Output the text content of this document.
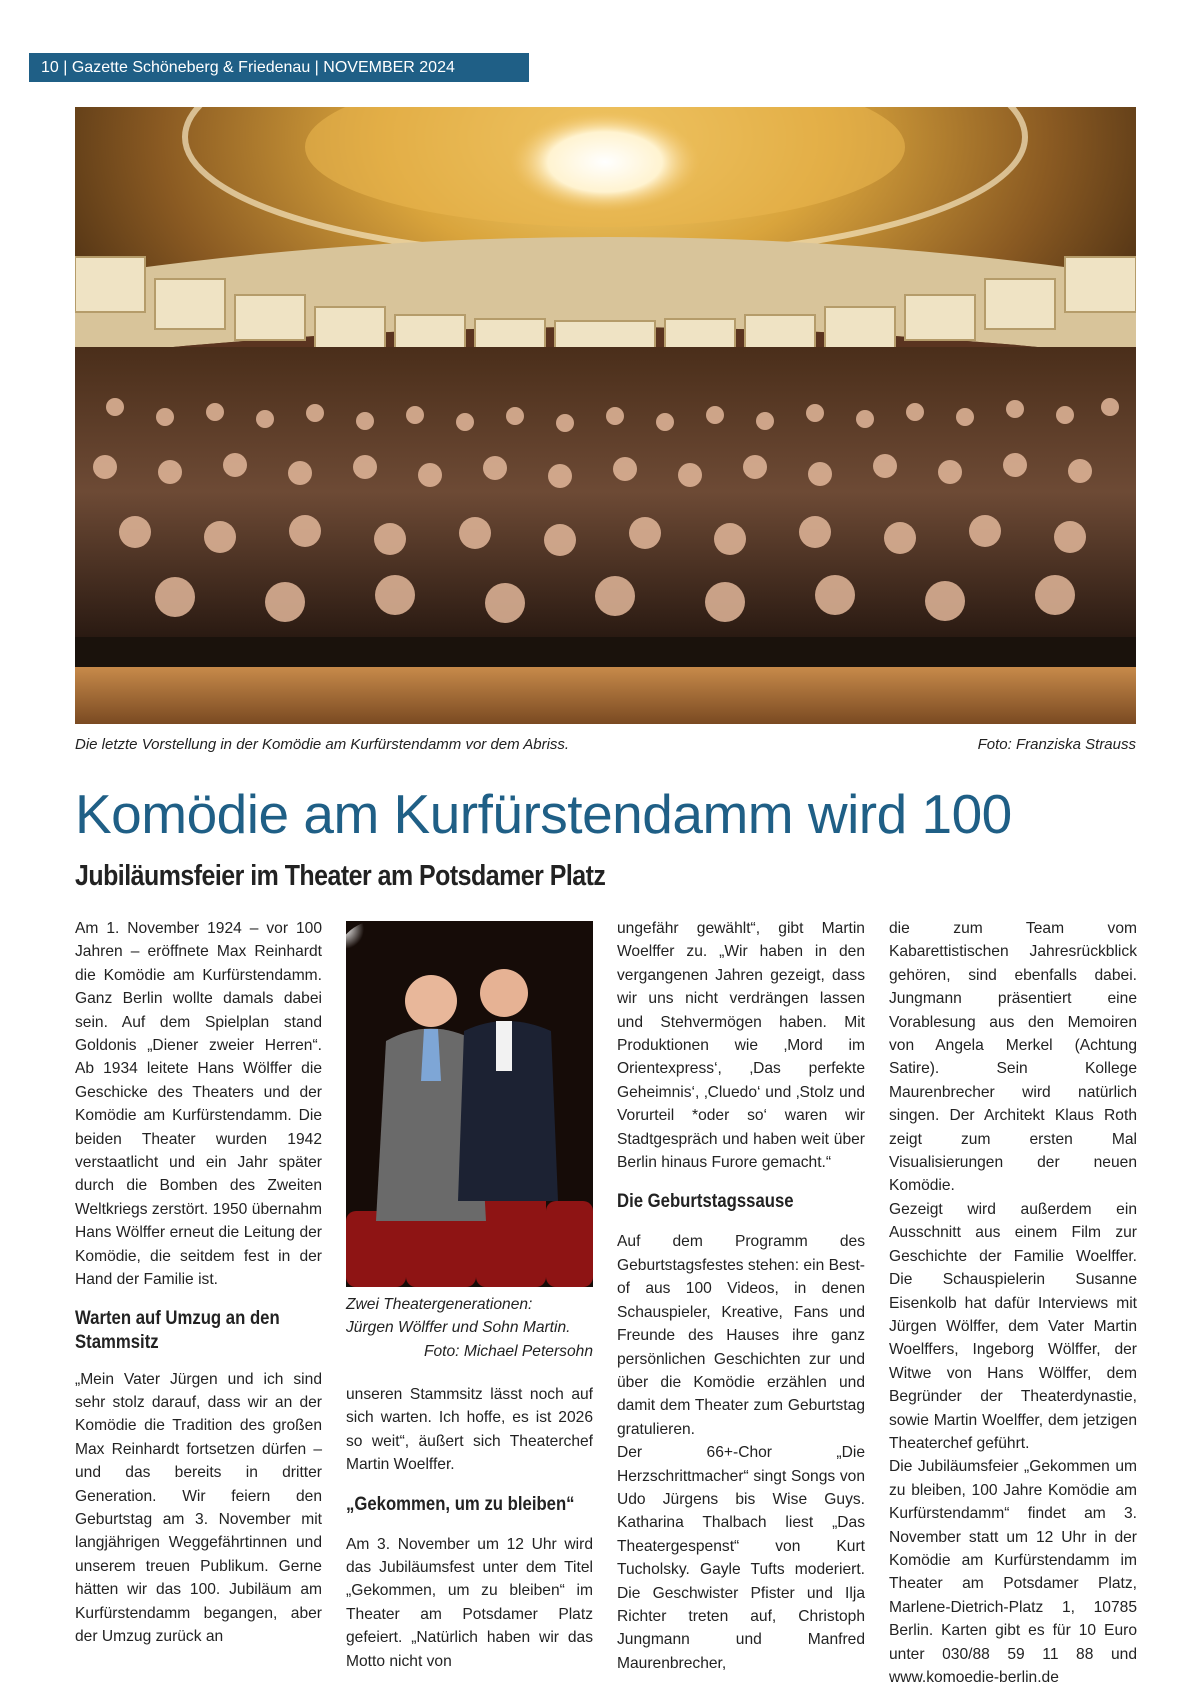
10 | Gazette Schöneberg & Friedenau | NOVEMBER 2024
Die letzte Vorstellung in der Komödie am Kurfürstendamm vor dem Abriss.	Foto: Franziska Strauss
Komödie am Kurfürstendamm wird 100
Jubiläumsfeier im Theater am Potsdamer Platz

Am 1. November 1924 – vor 100 Jahren – eröffnete Max Reinhardt die Komödie am Kurfürstendamm. Ganz Berlin wollte damals dabei sein. Auf dem Spielplan stand Goldonis „Diener zweier Herren“. Ab 1934 leitete Hans Wölffer die Geschicke des Theaters und der Komödie am Kurfürstendamm. Die beiden Theater wurden 1942 verstaatlicht und ein Jahr später durch die Bomben des Zweiten Weltkriegs zerstört. 1950 übernahm Hans Wölffer erneut die Leitung der Komödie, die seitdem fest in der Hand der Familie ist.

Warten auf Umzug an den Stammsitz

„Mein Vater Jürgen und ich sind sehr stolz darauf, dass wir an der Komödie die Tradition des großen Max Reinhardt fortsetzen dürfen – und das bereits in dritter Generation. Wir feiern den Geburtstag am 3. November mit langjährigen Weggefährtinnen und unserem treuen Publikum. Gerne hätten wir das 100. Jubiläum am Kurfürstendamm begangen, aber der Umzug zurück an

Zwei Theatergenerationen:
Jürgen Wölffer und Sohn Martin.
Foto: Michael Petersohn

unseren Stammsitz lässt noch auf sich warten. Ich hoffe, es ist 2026 so weit“, äußert sich Theaterchef Martin Woelffer.

„Gekommen, um zu bleiben“

Am 3. November um 12 Uhr wird das Jubiläumsfest unter dem Titel „Gekommen, um zu bleiben“ im Theater am Potsdamer Platz gefeiert. „Natürlich haben wir das Motto nicht von

ungefähr gewählt“, gibt Martin Woelffer zu. „Wir haben in den vergangenen Jahren gezeigt, dass wir uns nicht verdrängen lassen und Stehvermögen haben. Mit Produktionen wie ‚Mord im Orientexpress‘, ‚Das perfekte Geheimnis‘, ‚Cluedo‘ und ‚Stolz und Vorurteil *oder so‘ waren wir Stadtgespräch und haben weit über Berlin hinaus Furore gemacht.“

Die Geburtstagssause

Auf dem Programm des Geburtstagsfestes stehen: ein Best-of aus 100 Videos, in denen Schauspieler, Kreative, Fans und Freunde des Hauses ihre ganz persönlichen Geschichten zur und über die Komödie erzählen und damit dem Theater zum Geburtstag gratulieren.

Der 66+-Chor „Die Herzschrittmacher“ singt Songs von Udo Jürgens bis Wise Guys. Katharina Thalbach liest „Das Theatergespenst“ von Kurt Tucholsky. Gayle Tufts moderiert. Die Geschwister Pfister und Ilja Richter treten auf, Christoph Jungmann und Manfred Maurenbrecher,

die zum Team vom Kabarettistischen Jahresrückblick gehören, sind ebenfalls dabei. Jungmann präsentiert eine Vorablesung aus den Memoiren von Angela Merkel (Achtung Satire). Sein Kollege Maurenbrecher wird natürlich singen. Der Architekt Klaus Roth zeigt zum ersten Mal Visualisierungen der neuen Komödie.

Gezeigt wird außerdem ein Ausschnitt aus einem Film zur Geschichte der Familie Woelffer. Die Schauspielerin Susanne Eisenkolb hat dafür Interviews mit Jürgen Wölffer, dem Vater Martin Woelffers, Ingeborg Wölffer, der Witwe von Hans Wölffer, dem Begründer der Theaterdynastie, sowie Martin Woelffer, dem jetzigen Theaterchef geführt.

Die Jubiläumsfeier „Gekommen um zu bleiben, 100 Jahre Komödie am Kurfürstendamm“ findet am 3. November statt um 12 Uhr in der Komödie am Kurfürstendamm im Theater am Potsdamer Platz, Marlene-Dietrich-Platz 1, 10785 Berlin. Karten gibt es für 10 Euro unter 030/88 59 11 88 und www.komoedie-berlin.de
